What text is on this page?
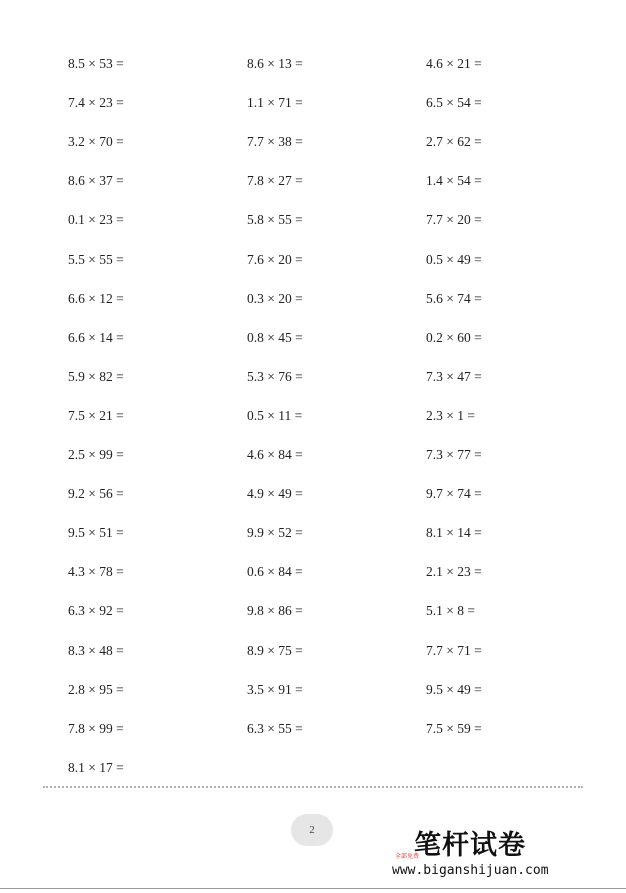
8.5 × 53 =	8.6 × 13 =	4.6 × 21 =
7.4 × 23 =	1.1 × 71 =	6.5 × 54 =
3.2 × 70 =	7.7 × 38 =	2.7 × 62 =
8.6 × 37 =	7.8 × 27 =	1.4 × 54 =
0.1 × 23 =	5.8 × 55 =	7.7 × 20 =
5.5 × 55 =	7.6 × 20 =	0.5 × 49 =
6.6 × 12 =	0.3 × 20 =	5.6 × 74 =
6.6 × 14 =	0.8 × 45 =	0.2 × 60 =
5.9 × 82 =	5.3 × 76 =	7.3 × 47 =
7.5 × 21 =	0.5 × 11 =	2.3 × 1 =
2.5 × 99 =	4.6 × 84 =	7.3 × 77 =
9.2 × 56 =	4.9 × 49 =	9.7 × 74 =
9.5 × 51 =	9.9 × 52 =	8.1 × 14 =
4.3 × 78 =	0.6 × 84 =	2.1 × 23 =
6.3 × 92 =	9.8 × 86 =	5.1 × 8 =
8.3 × 48 =	8.9 × 75 =	7.7 × 71 =
2.8 × 95 =	3.5 × 91 =	9.5 × 49 =
7.8 × 99 =	6.3 × 55 =	7.5 × 59 =
8.1 × 17 =
2
全部免费
笔杆试卷
www.biganshijuan.com
